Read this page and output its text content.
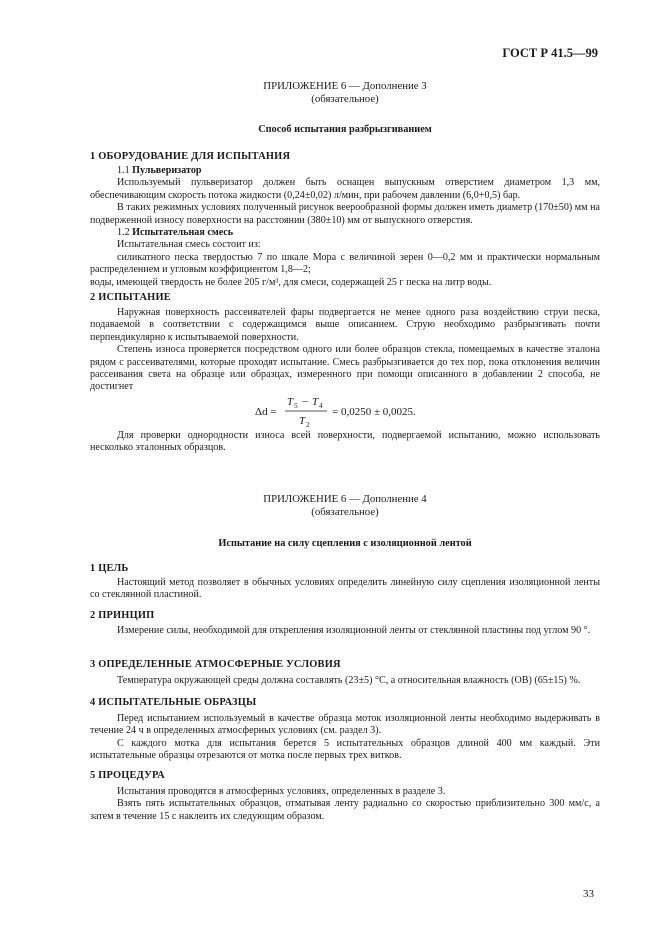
ГОСТ Р 41.5—99
ПРИЛОЖЕНИЕ 6 — Дополнение 3
(обязательное)
Способ испытания разбрызгиванием
1 ОБОРУДОВАНИЕ ДЛЯ ИСПЫТАНИЯ

1.1 Пульверизатор

Используемый пульверизатор должен быть оснащен выпускным отверстием диаметром 1,3 мм, обеспечивающим скорость потока жидкости (0,24±0,02) л/мин, при рабочем давлении (6,0+0,5) бар.

В таких режимных условиях полученный рисунок веерообразной формы должен иметь диаметр (170±50) мм на подверженной износу поверхности на расстоянии (380±10) мм от выпускного отверстия.

1.2 Испытательная смесь

Испытательная смесь состоит из:

силикатного песка твердостью 7 по шкале Мора с величиной зерен 0—0,2 мм и практически нормальным распределением и угловым коэффициентом 1,8—2;

воды, имеющей твердость не более 205 г/м³, для смеси, содержащей 25 г песка на литр воды.

2 ИСПЫТАНИЕ

Наружная поверхность рассеивателей фары подвергается не менее одного раза воздействию струи песка, подаваемой в соответствии с содержащимся выше описанием. Струю необходимо разбрызгивать почти перпендикулярно к испытываемой поверхности.

Степень износа проверяется посредством одного или более образцов стекла, помещаемых в качестве эталона рядом с рассеивателями, которые проходят испытание. Смесь разбрызгивается до тех пор, пока отклонения величин рассеивания света на образце или образцах, измеренного при помощи описанного в добавлении 2 способа, не достигнет

Δd =
T 5 − T 4
T 2
= 0,0250 ± 0,0025.

Для проверки однородности износа всей поверхности, подвергаемой испытанию, можно использовать несколько эталонных образцов.

ПРИЛОЖЕНИЕ 6 — Дополнение 4
(обязательное)
Испытание на силу сцепления с изоляционной лентой
1 ЦЕЛЬ

Настоящий метод позволяет в обычных условиях определить линейную силу сцепления изоляционной ленты со стеклянной пластиной.

2 ПРИНЦИП

Измерение силы, необходимой для открепления изоляционной ленты от стеклянной пластины под углом 90 °.

3 ОПРЕДЕЛЕННЫЕ АТМОСФЕРНЫЕ УСЛОВИЯ

Температура окружающей среды должна составлять (23±5) °С, а относительная влажность (ОВ) (65±15) %.

4 ИСПЫТАТЕЛЬНЫЕ ОБРАЗЦЫ

Перед испытанием используемый в качестве образца моток изоляционной ленты необходимо выдерживать в течение 24 ч в определенных атмосферных условиях (см. раздел 3).

С каждого мотка для испытания берется 5 испытательных образцов длиной 400 мм каждый. Эти испытательные образцы отрезаются от мотка после первых трех витков.

5 ПРОЦЕДУРА

Испытания проводятся в атмосферных условиях, определенных в разделе 3.

Взять пять испытательных образцов, отматывая ленту радиально со скоростью приблизительно 300 мм/с, а затем в течение 15 с наклеить их следующим образом.

33
